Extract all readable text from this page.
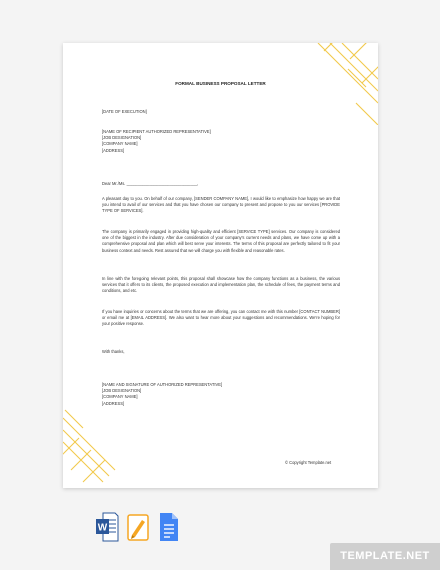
FORMAL BUSINESS PROPOSAL LETTER
[DATE OF EXECUTION]
[NAME OF RECIPIENT AUTHORIZED REPRESENTATIVE]
[JOB DESIGNATION]
[COMPANY NAME]
[ADDRESS]
Dear Mr./Ms. _______________________________,
A pleasant day to you. On behalf of our company, [SENDER COMPANY NAME], I would like to emphasize how happy we are that you intend to avail of our services and that you have chosen our company to present and propose to you our services [PROVIDE TYPE OF SERVICES].
The company is primarily engaged in providing high-quality and efficient [SERVICE TYPE] services. Our company is considered one of the biggest in the industry. After due consideration of your company's current needs and plans, we have come up with a comprehensive proposal and plan which will best serve your interests. The terms of this proposal are perfectly tailored to fit your business context and needs. Rest assured that we will charge you with flexible and reasonable rates.
In line with the foregoing relevant points, this proposal shall showcase how the company functions as a business, the various services that it offers to its clients, the proposed execution and implementation plan, the schedule of fees, the payment terms and conditions, and etc.
If you have inquiries or concerns about the terms that we are offering, you can contact me with this number [CONTACT NUMBER] or email me at [EMAIL ADDRESS]. We also want to hear more about your suggestions and recommendations. We're hoping for your positive response.
With thanks,
[NAME AND SIGNATURE OF AUTHORIZED REPRESENTATIVE]
[JOB DESIGNATION]
[COMPANY NAME]
[ADDRESS]
© Copyright Template.net
W
TEMPLATE.NET
